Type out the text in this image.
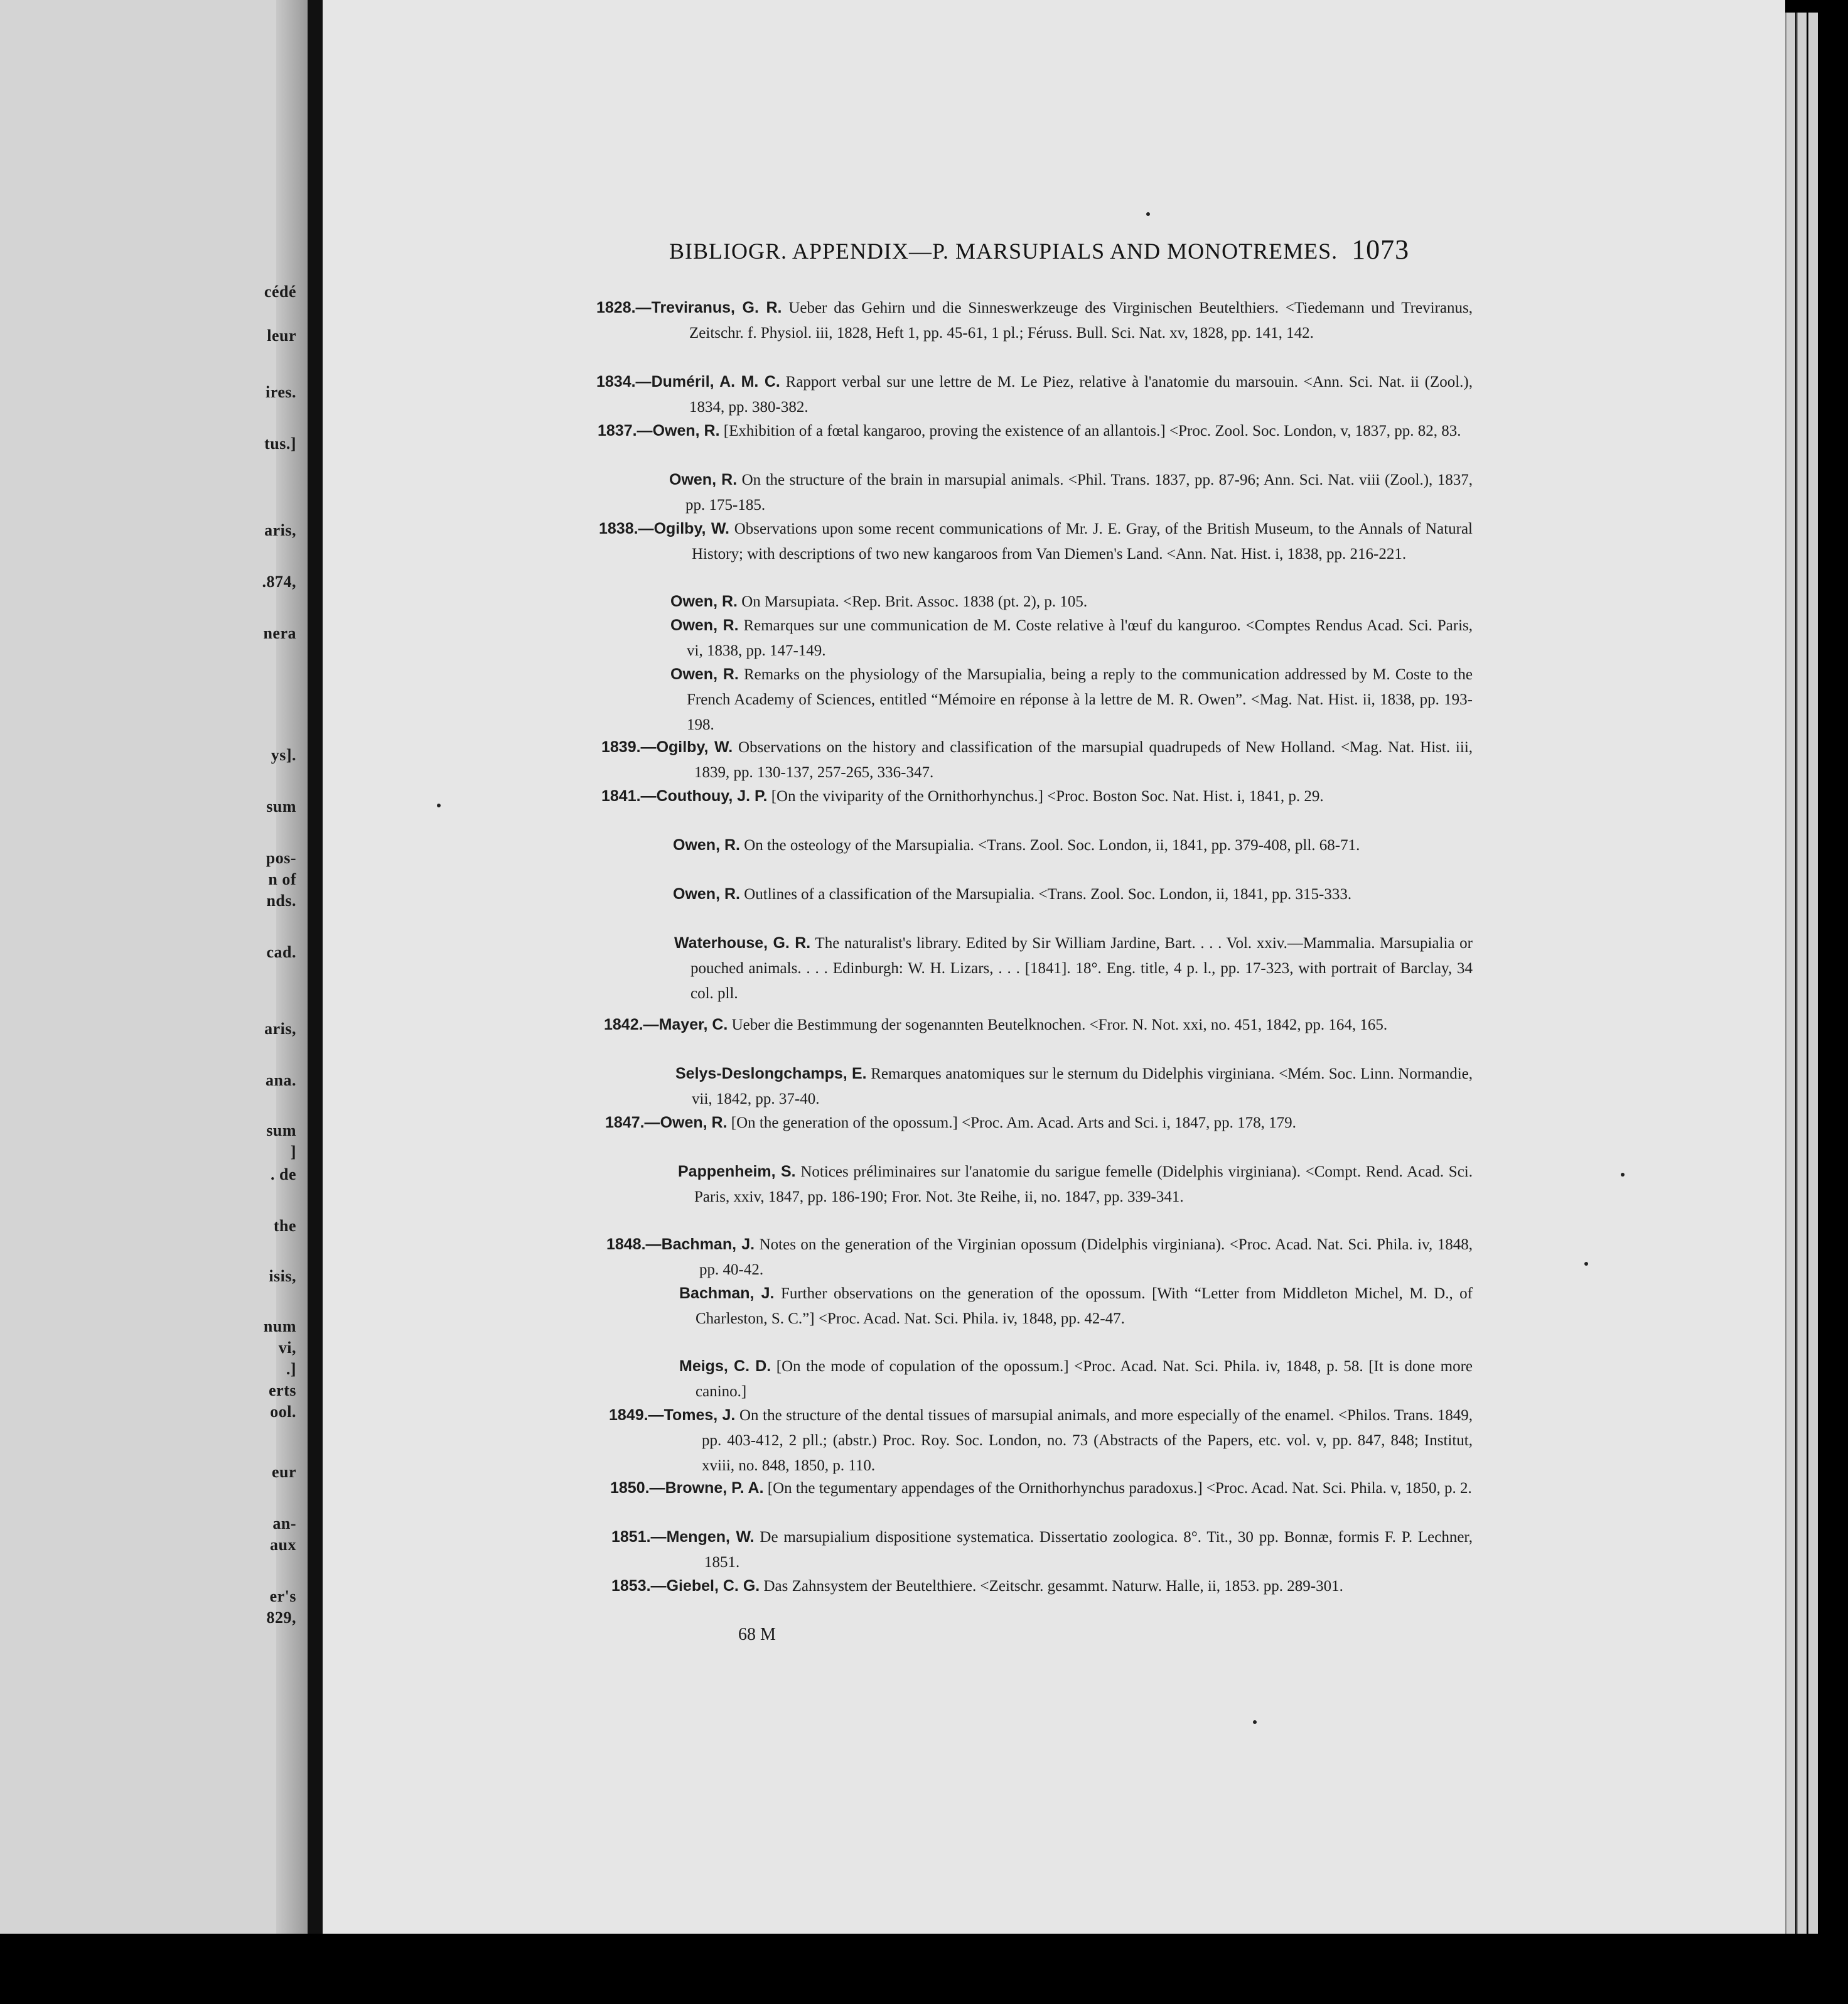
cédé
leur
ires.
tus.]
aris,
.874,
nera
ys].
sum
pos-
n of
nds.
cad.
aris,
ana.
sum
]
. de
the
isis,
num
vi,
.]
erts
ool.
eur
an-
aux
er's
829,
BIBLIOGR. APPENDIX—P. MARSUPIALS AND MONOTREMES. 1073
1828.—Treviranus, G. R. Ueber das Gehirn und die Sinneswerkzeuge des Virginischen Beutelthiers. <Tiedemann und Treviranus, Zeitschr. f. Physiol. iii, 1828, Heft 1, pp. 45-61, 1 pl.; Féruss. Bull. Sci. Nat. xv, 1828, pp. 141, 142.
1834.—Duméril, A. M. C. Rapport verbal sur une lettre de M. Le Piez, relative à l'anatomie du marsouin. <Ann. Sci. Nat. ii (Zool.), 1834, pp. 380-382.
1837.—Owen, R. [Exhibition of a fœtal kangaroo, proving the existence of an allantois.] <Proc. Zool. Soc. London, v, 1837, pp. 82, 83.
Owen, R. On the structure of the brain in marsupial animals. <Phil. Trans. 1837, pp. 87-96; Ann. Sci. Nat. viii (Zool.), 1837, pp. 175-185.
1838.—Ogilby, W. Observations upon some recent communications of Mr. J. E. Gray, of the British Museum, to the Annals of Natural History; with descriptions of two new kangaroos from Van Diemen's Land. <Ann. Nat. Hist. i, 1838, pp. 216-221.
Owen, R. On Marsupiata. <Rep. Brit. Assoc. 1838 (pt. 2), p. 105.
Owen, R. Remarques sur une communication de M. Coste relative à l'œuf du kanguroo. <Comptes Rendus Acad. Sci. Paris, vi, 1838, pp. 147-149.
Owen, R. Remarks on the physiology of the Marsupialia, being a reply to the communication addressed by M. Coste to the French Academy of Sciences, entitled “Mémoire en réponse à la lettre de M. R. Owen”. <Mag. Nat. Hist. ii, 1838, pp. 193-198.
1839.—Ogilby, W. Observations on the history and classification of the marsupial quadrupeds of New Holland. <Mag. Nat. Hist. iii, 1839, pp. 130-137, 257-265, 336-347.
1841.—Couthouy, J. P. [On the viviparity of the Ornithorhynchus.] <Proc. Boston Soc. Nat. Hist. i, 1841, p. 29.
Owen, R. On the osteology of the Marsupialia. <Trans. Zool. Soc. London, ii, 1841, pp. 379-408, pll. 68-71.
Owen, R. Outlines of a classification of the Marsupialia. <Trans. Zool. Soc. London, ii, 1841, pp. 315-333.
Waterhouse, G. R. The naturalist's library. Edited by Sir William Jardine, Bart. . . . Vol. xxiv.—Mammalia. Marsupialia or pouched animals. . . . Edinburgh: W. H. Lizars, . . . [1841]. 18°. Eng. title, 4 p. l., pp. 17-323, with portrait of Barclay, 34 col. pll.
1842.—Mayer, C. Ueber die Bestimmung der sogenannten Beutelknochen. <Fror. N. Not. xxi, no. 451, 1842, pp. 164, 165.
Selys-Deslongchamps, E. Remarques anatomiques sur le sternum du Didelphis virginiana. <Mém. Soc. Linn. Normandie, vii, 1842, pp. 37-40.
1847.—Owen, R. [On the generation of the opossum.] <Proc. Am. Acad. Arts and Sci. i, 1847, pp. 178, 179.
Pappenheim, S. Notices préliminaires sur l'anatomie du sarigue femelle (Didelphis virginiana). <Compt. Rend. Acad. Sci. Paris, xxiv, 1847, pp. 186-190; Fror. Not. 3te Reihe, ii, no. 1847, pp. 339-341.
1848.—Bachman, J. Notes on the generation of the Virginian opossum (Didelphis virginiana). <Proc. Acad. Nat. Sci. Phila. iv, 1848, pp. 40-42.
Bachman, J. Further observations on the generation of the opossum. [With “Letter from Middleton Michel, M. D., of Charleston, S. C.”] <Proc. Acad. Nat. Sci. Phila. iv, 1848, pp. 42-47.
Meigs, C. D. [On the mode of copulation of the opossum.] <Proc. Acad. Nat. Sci. Phila. iv, 1848, p. 58. [It is done more canino.]
1849.—Tomes, J. On the structure of the dental tissues of marsupial animals, and more especially of the enamel. <Philos. Trans. 1849, pp. 403-412, 2 pll.; (abstr.) Proc. Roy. Soc. London, no. 73 (Abstracts of the Papers, etc. vol. v, pp. 847, 848; Institut, xviii, no. 848, 1850, p. 110.
1850.—Browne, P. A. [On the tegumentary appendages of the Ornithorhynchus paradoxus.] <Proc. Acad. Nat. Sci. Phila. v, 1850, p. 2.
1851.—Mengen, W. De marsupialium dispositione systematica. Dissertatio zoologica. 8°. Tit., 30 pp. Bonnæ, formis F. P. Lechner, 1851.
1853.—Giebel, C. G. Das Zahnsystem der Beutelthiere. <Zeitschr. gesammt. Naturw. Halle, ii, 1853. pp. 289-301.
68 M
